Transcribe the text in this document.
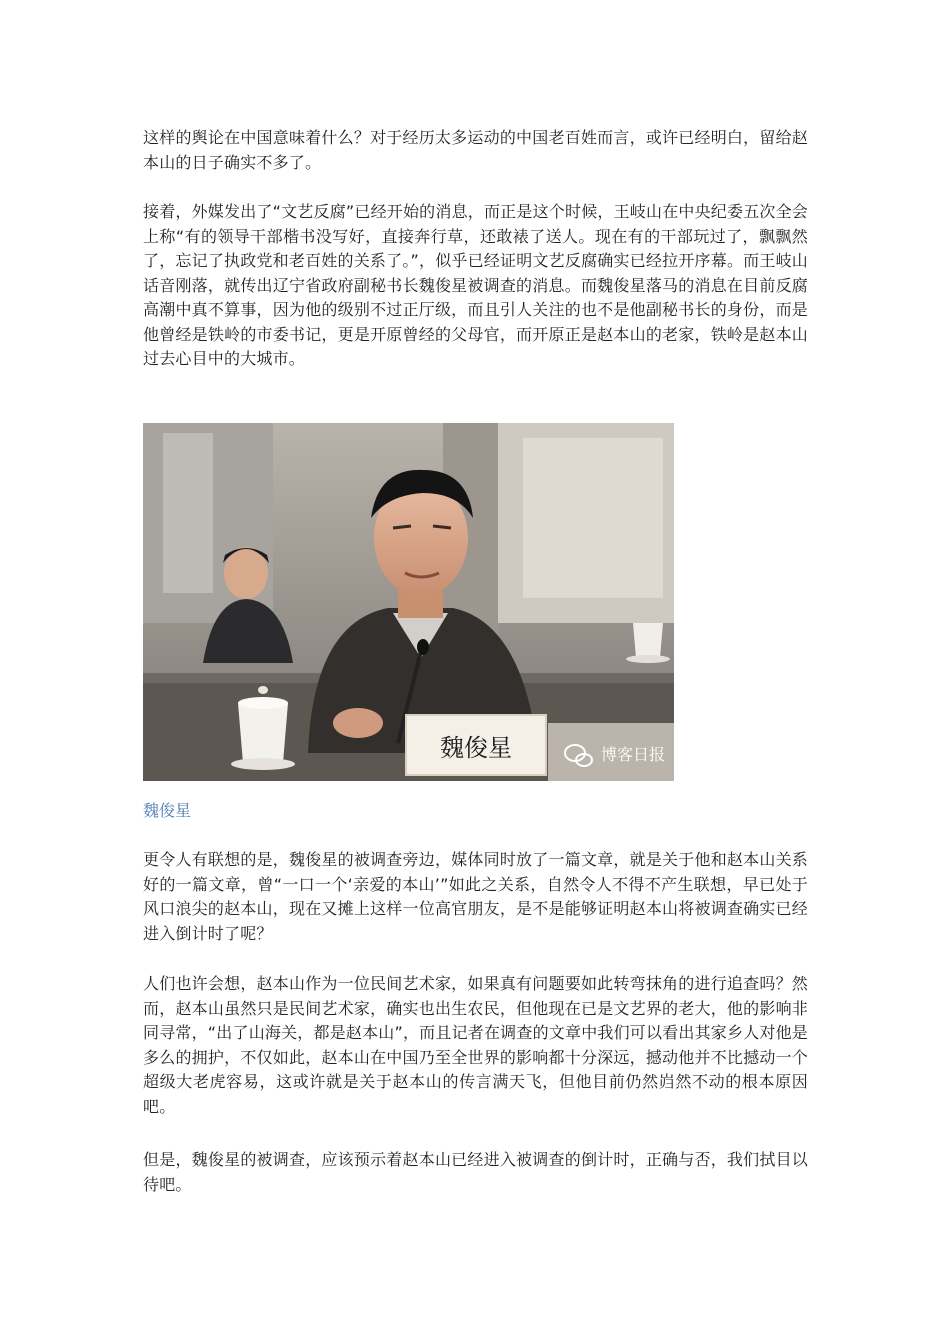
这样的舆论在中国意味着什么？对于经历太多运动的中国老百姓而言，或许已经明白，留给赵本山的日子确实不多了。

接着，外媒发出了“文艺反腐”已经开始的消息，而正是这个时候，王岐山在中央纪委五次全会上称“有的领导干部楷书没写好，直接奔行草，还敢裱了送人。现在有的干部玩过了，飘飘然了，忘记了执政党和老百姓的关系了。”，似乎已经证明文艺反腐确实已经拉开序幕。而王岐山话音刚落，就传出辽宁省政府副秘书长魏俊星被调查的消息。而魏俊星落马的消息在目前反腐高潮中真不算事，因为他的级别不过正厅级，而且引人关注的也不是他副秘书长的身份，而是他曾经是铁岭的市委书记，更是开原曾经的父母官，而开原正是赵本山的老家，铁岭是赵本山过去心目中的大城市。

魏俊星	博客日报

魏俊星

更令人有联想的是，魏俊星的被调查旁边，媒体同时放了一篇文章，就是关于他和赵本山关系好的一篇文章，曾“一口一个‘亲爱的本山’”如此之关系，自然令人不得不产生联想，早已处于风口浪尖的赵本山，现在又摊上这样一位高官朋友，是不是能够证明赵本山将被调查确实已经进入倒计时了呢？

人们也许会想，赵本山作为一位民间艺术家，如果真有问题要如此转弯抹角的进行追查吗？然而，赵本山虽然只是民间艺术家，确实也出生农民，但他现在已是文艺界的老大，他的影响非同寻常，“出了山海关，都是赵本山”，而且记者在调查的文章中我们可以看出其家乡人对他是多么的拥护，不仅如此，赵本山在中国乃至全世界的影响都十分深远，撼动他并不比撼动一个超级大老虎容易，这或许就是关于赵本山的传言满天飞，但他目前仍然岿然不动的根本原因吧。

但是，魏俊星的被调查，应该预示着赵本山已经进入被调查的倒计时，正确与否，我们拭目以待吧。
